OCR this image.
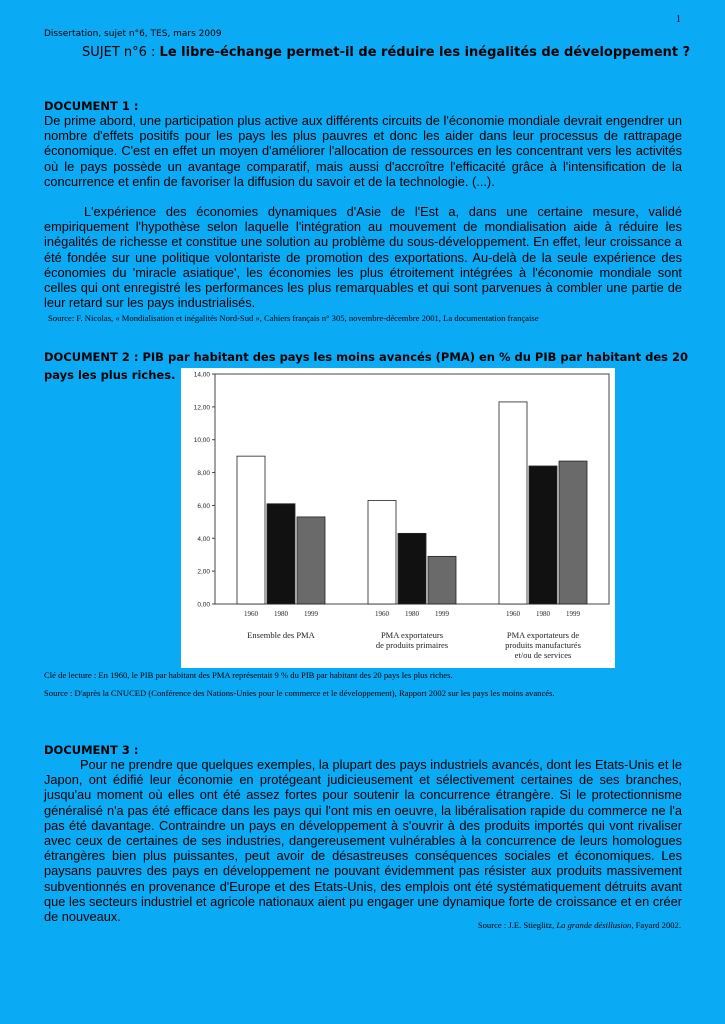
1
Dissertation, sujet n°6, TES, mars 2009
SUJET n°6 : Le libre-échange permet-il de réduire les inégalités de développement ?
DOCUMENT 1 :
De prime abord, une participation plus active aux différents circuits de l'économie mondiale devrait engendrer un nombre d'effets positifs pour les pays les plus pauvres et donc les aider dans leur processus de rattrapage économique. C'est en effet un moyen d'améliorer l'allocation de ressources en les concentrant vers les activités où le pays possède un avantage comparatif, mais aussi d'accroître l'efficacité grâce à l'intensification de la concurrence et enfin de favoriser la diffusion du savoir et de la technologie. (...).
L'expérience des économies dynamiques d'Asie de l'Est a, dans une certaine mesure, validé empiriquement l'hypothèse selon laquelle l'intégration au mouvement de mondialisation aide à réduire les inégalités de richesse et constitue une solution au problème du sous-développement. En effet, leur croissance a été fondée sur une politique volontariste de promotion des exportations. Au-delà de la seule expérience des économies du 'miracle asiatique', les économies les plus étroitement intégrées à l'économie mondiale sont celles qui ont enregistré les performances les plus remarquables et qui sont parvenues à combler une partie de leur retard sur les pays industrialisés.
Source: F. Nicolas, « Mondialisation et inégalités Nord-Sud », Cahiers français n° 305, novembre-décembre 2001, La documentation française
DOCUMENT 2 : PIB par habitant des pays les moins avancés (PMA) en % du PIB par habitant des 20
pays les plus riches.
0,00
2,00
4,00
6,00
8,00
10,00
12,00
14,00
1960 1980 1999
Ensemble des PMA
1960 1980 1999
PMA exportateurs
de produits primaires
1960 1980 1999
PMA exportateurs de
produits manufacturés
et/ou de services
Clé de lecture : En 1960, le PIB par habitant des PMA représentait 9 % du PIB par habitant des 20 pays les plus riches.
Source : D'après la CNUCED (Conférence des Nations-Unies pour le commerce et le développement), Rapport 2002 sur les pays les moins avancés.
DOCUMENT 3 :
Pour ne prendre que quelques exemples, la plupart des pays industriels avancés, dont les Etats-Unis et le Japon, ont édifié leur économie en protégeant judicieusement et sélectivement certaines de ses branches, jusqu'au moment où elles ont été assez fortes pour soutenir la concurrence étrangère. Si le protectionnisme généralisé n'a pas été efficace dans les pays qui l'ont mis en oeuvre, la libéralisation rapide du commerce ne l'a pas été davantage. Contraindre un pays en développement à s'ouvrir à des produits importés qui vont rivaliser avec ceux de certaines de ses industries, dangereusement vulnérables à la concurrence de leurs homologues étrangères bien plus puissantes, peut avoir de désastreuses conséquences sociales et économiques. Les paysans pauvres des pays en développement ne pouvant évidemment pas résister aux produits massivement subventionnés en provenance d'Europe et des Etats-Unis, des emplois ont été systématiquement détruits avant que les secteurs industriel et agricole nationaux aient pu engager une dynamique forte de croissance et en créer de nouveaux.
Source : J.E. Stieglitz, La grande désillusion, Fayard 2002.
